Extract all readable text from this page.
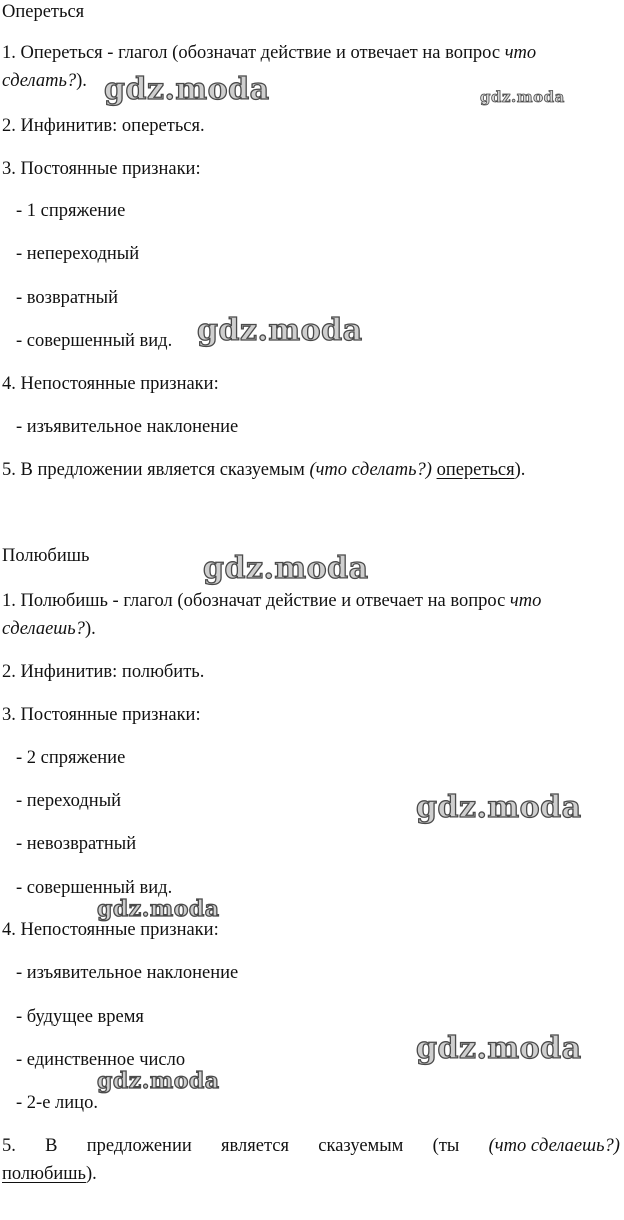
Опереться
1. Опереться - глагол (обозначат действие и отвечает на вопрос что
сделать?).
2. Инфинитив: опереться.
3. Постоянные признаки:
- 1 спряжение
- непереходный
- возвратный
- совершенный вид.
4. Непостоянные признаки:
- изъявительное наклонение
5. В предложении является сказуемым (что сделать?) опереться).
Полюбишь
1. Полюбишь - глагол (обозначат действие и отвечает на вопрос что
сделаешь?).
2. Инфинитив: полюбить.
3. Постоянные признаки:
- 2 спряжение
- переходный
- невозвратный
- совершенный вид.
4. Непостоянные признаки:
- изъявительное наклонение
- будущее время
- единственное число
- 2-е лицо.
5. В предложении является сказуемым (ты (что сделаешь?)
полюбишь).
gdz.moda	gdz.moda
gdz.moda
gdz.moda
gdz.moda
gdz.moda
gdz.moda
gdz.moda
